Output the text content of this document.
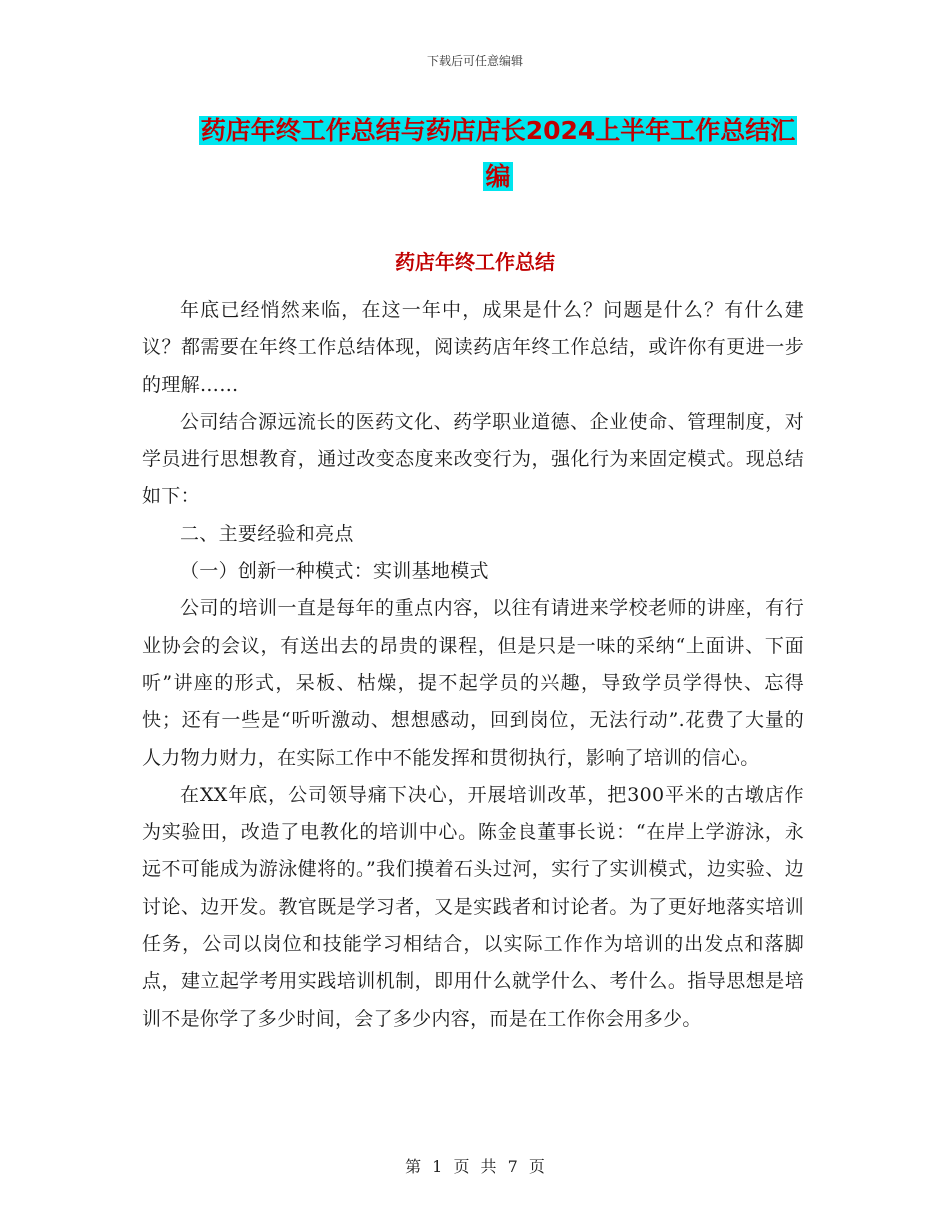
下载后可任意编辑
药店年终工作总结与药店店长2024上半年工作总结汇
编
药店年终工作总结

年底已经悄然来临，在这一年中，成果是什么？问题是什么？有什么建议？都需要在年终工作总结体现，阅读药店年终工作总结，或许你有更进一步的理解……

公司结合源远流长的医药文化、药学职业道德、企业使命、管理制度，对学员进行思想教育，通过改变态度来改变行为，强化行为来固定模式。现总结如下：

二、主要经验和亮点

（一）创新一种模式：实训基地模式

公司的培训一直是每年的重点内容，以往有请进来学校老师的讲座，有行业协会的会议，有送出去的昂贵的课程，但是只是一味的采纳“上面讲、下面听”讲座的形式，呆板、枯燥，提不起学员的兴趣，导致学员学得快、忘得快；还有一些是“听听激动、想想感动，回到岗位，无法行动”.花费了大量的人力物力财力，在实际工作中不能发挥和贯彻执行，影响了培训的信心。

在XX年底，公司领导痛下决心，开展培训改革，把300平米的古墩店作为实验田，改造了电教化的培训中心。陈金良董事长说：“在岸上学游泳，永远不可能成为游泳健将的。”我们摸着石头过河，实行了实训模式，边实验、边讨论、边开发。教官既是学习者，又是实践者和讨论者。为了更好地落实培训任务，公司以岗位和技能学习相结合，以实际工作作为培训的出发点和落脚点，建立起学考用实践培训机制，即用什么就学什么、考什么。指导思想是培训不是你学了多少时间，会了多少内容，而是在工作你会用多少。

第 1 页 共 7 页
